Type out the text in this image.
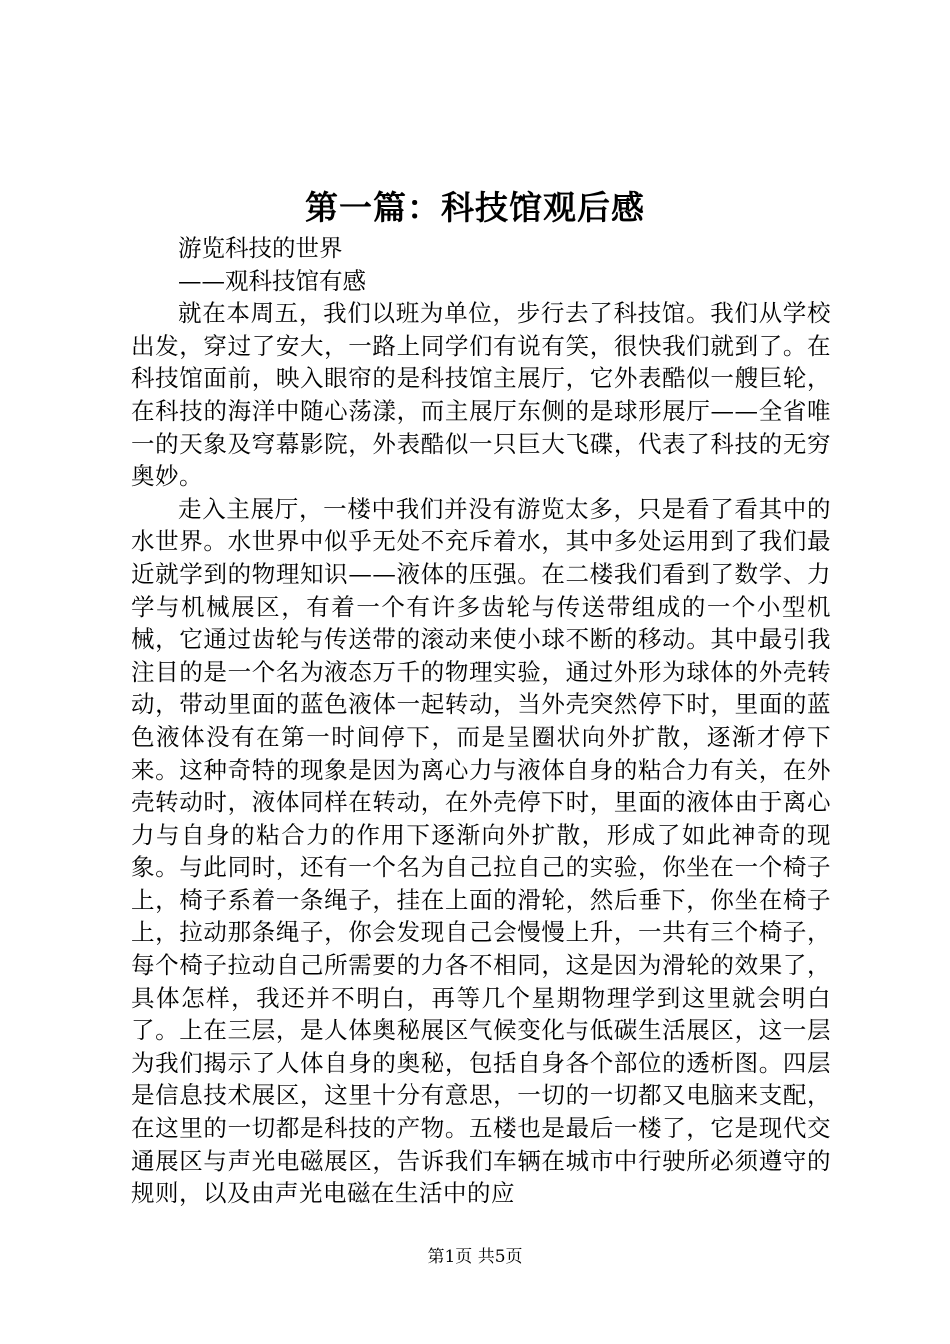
第一篇：科技馆观后感

游览科技的世界

——观科技馆有感

就在本周五，我们以班为单位，步行去了科技馆。我们从学校出发，穿过了安大，一路上同学们有说有笑，很快我们就到了。在科技馆面前，映入眼帘的是科技馆主展厅，它外表酷似一艘巨轮，在科技的海洋中随心荡漾，而主展厅东侧的是球形展厅——全省唯一的天象及穹幕影院，外表酷似一只巨大飞碟，代表了科技的无穷奥妙。

走入主展厅，一楼中我们并没有游览太多，只是看了看其中的水世界。水世界中似乎无处不充斥着水，其中多处运用到了我们最近就学到的物理知识——液体的压强。在二楼我们看到了数学、力学与机械展区，有着一个有许多齿轮与传送带组成的一个小型机械，它通过齿轮与传送带的滚动来使小球不断的移动。其中最引我注目的是一个名为液态万千的物理实验，通过外形为球体的外壳转动，带动里面的蓝色液体一起转动，当外壳突然停下时，里面的蓝色液体没有在第一时间停下，而是呈圈状向外扩散，逐渐才停下来。这种奇特的现象是因为离心力与液体自身的粘合力有关，在外壳转动时，液体同样在转动，在外壳停下时，里面的液体由于离心力与自身的粘合力的作用下逐渐向外扩散，形成了如此神奇的现象。与此同时，还有一个名为自己拉自己的实验，你坐在一个椅子上，椅子系着一条绳子，挂在上面的滑轮，然后垂下，你坐在椅子上，拉动那条绳子，你会发现自己会慢慢上升，一共有三个椅子，每个椅子拉动自己所需要的力各不相同，这是因为滑轮的效果了，具体怎样，我还并不明白，再等几个星期物理学到这里就会明白了。上在三层，是人体奥秘展区气候变化与低碳生活展区，这一层为我们揭示了人体自身的奥秘，包括自身各个部位的透析图。四层是信息技术展区，这里十分有意思，一切的一切都又电脑来支配，在这里的一切都是科技的产物。五楼也是最后一楼了，它是现代交通展区与声光电磁展区，告诉我们车辆在城市中行驶所必须遵守的规则，以及由声光电磁在生活中的应

第1页 共5页
